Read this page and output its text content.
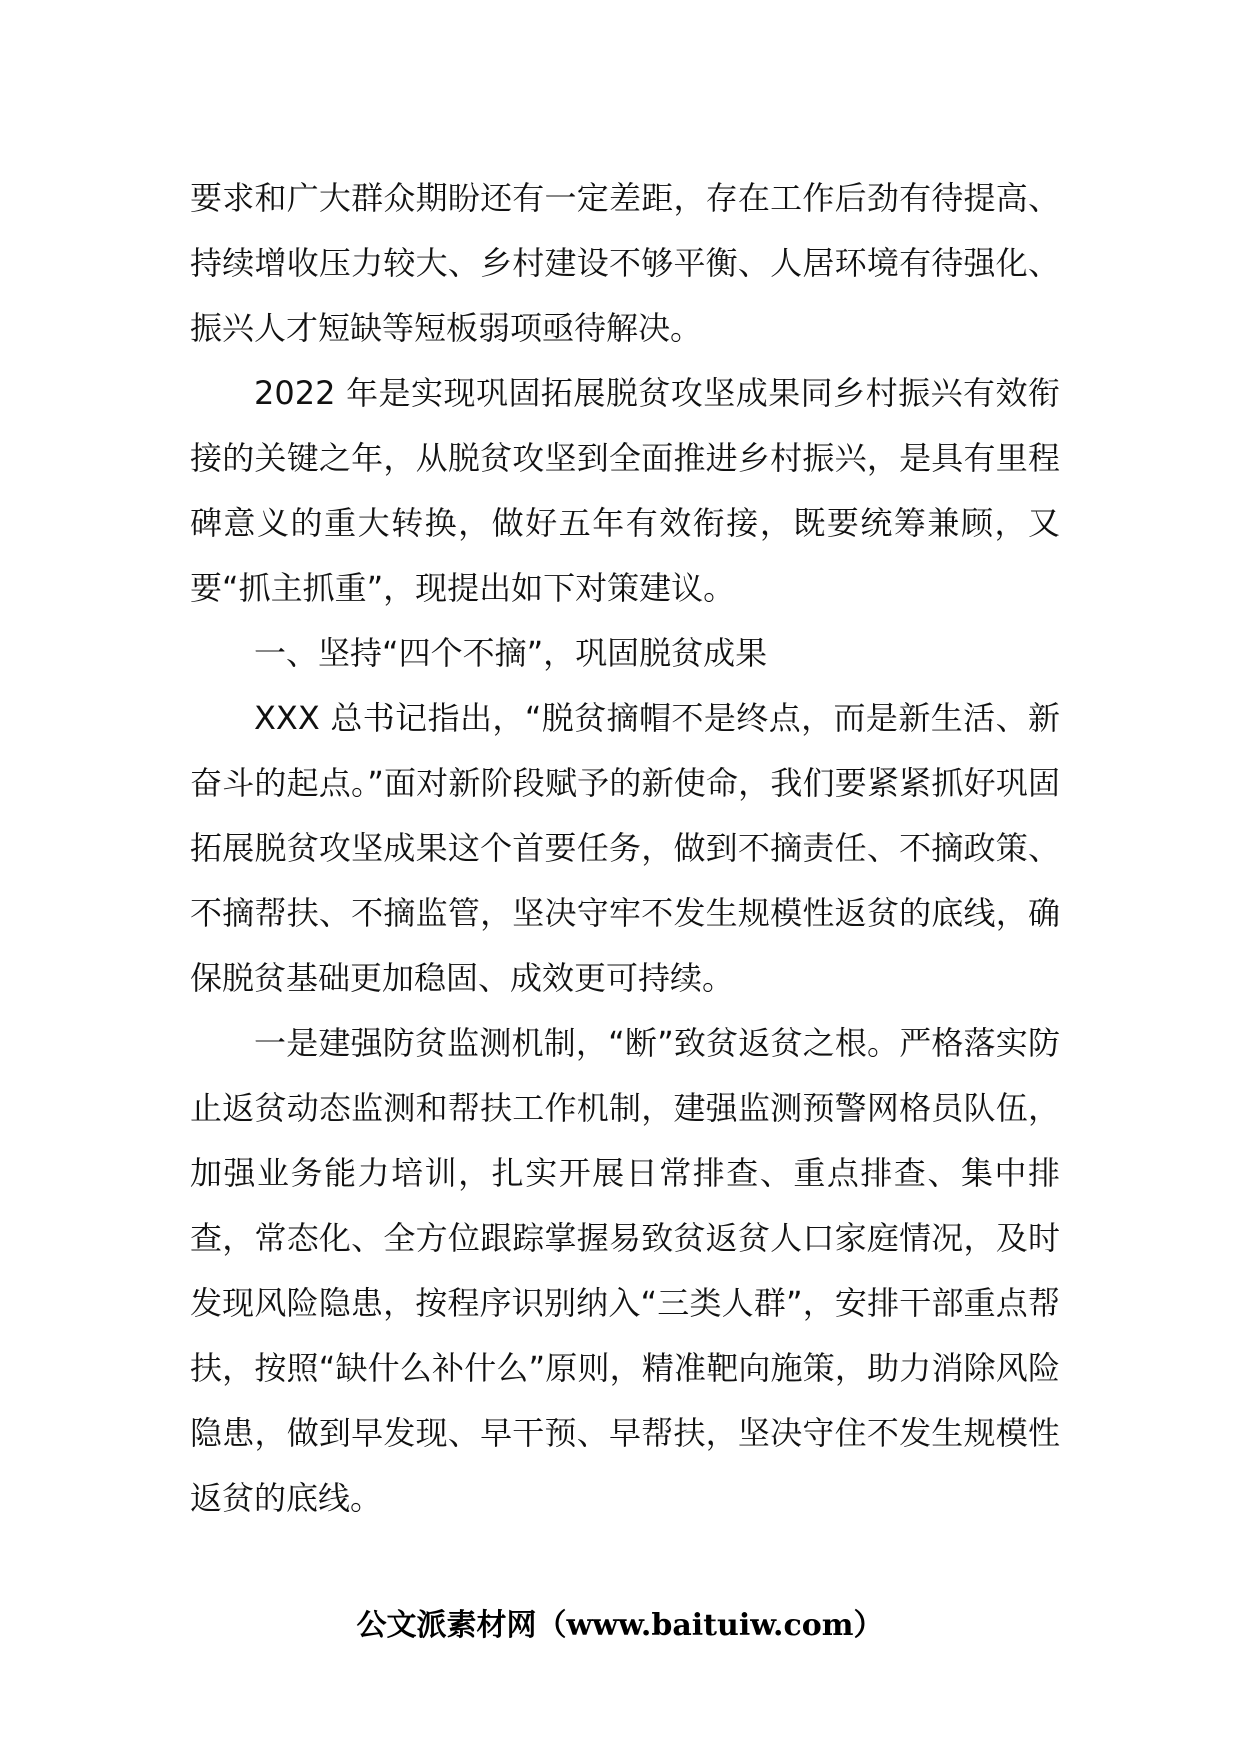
要求和广大群众期盼还有一定差距，存在工作后劲有待提高、持续增收压力较大、乡村建设不够平衡、人居环境有待强化、振兴人才短缺等短板弱项亟待解决。

2022 年是实现巩固拓展脱贫攻坚成果同乡村振兴有效衔接的关键之年，从脱贫攻坚到全面推进乡村振兴，是具有里程碑意义的重大转换，做好五年有效衔接，既要统筹兼顾，又要“抓主抓重”，现提出如下对策建议。

一、坚持“四个不摘”，巩固脱贫成果

XXX 总书记指出，“脱贫摘帽不是终点，而是新生活、新奋斗的起点。”面对新阶段赋予的新使命，我们要紧紧抓好巩固拓展脱贫攻坚成果这个首要任务，做到不摘责任、不摘政策、不摘帮扶、不摘监管，坚决守牢不发生规模性返贫的底线，确保脱贫基础更加稳固、成效更可持续。

一是建强防贫监测机制，“断”致贫返贫之根。严格落实防止返贫动态监测和帮扶工作机制，建强监测预警网格员队伍，加强业务能力培训，扎实开展日常排查、重点排查、集中排查，常态化、全方位跟踪掌握易致贫返贫人口家庭情况，及时发现风险隐患，按程序识别纳入“三类人群”，安排干部重点帮扶，按照“缺什么补什么”原则，精准靶向施策，助力消除风险隐患，做到早发现、早干预、早帮扶，坚决守住不发生规模性返贫的底线。

公文派素材网（www.baituiw.com）
